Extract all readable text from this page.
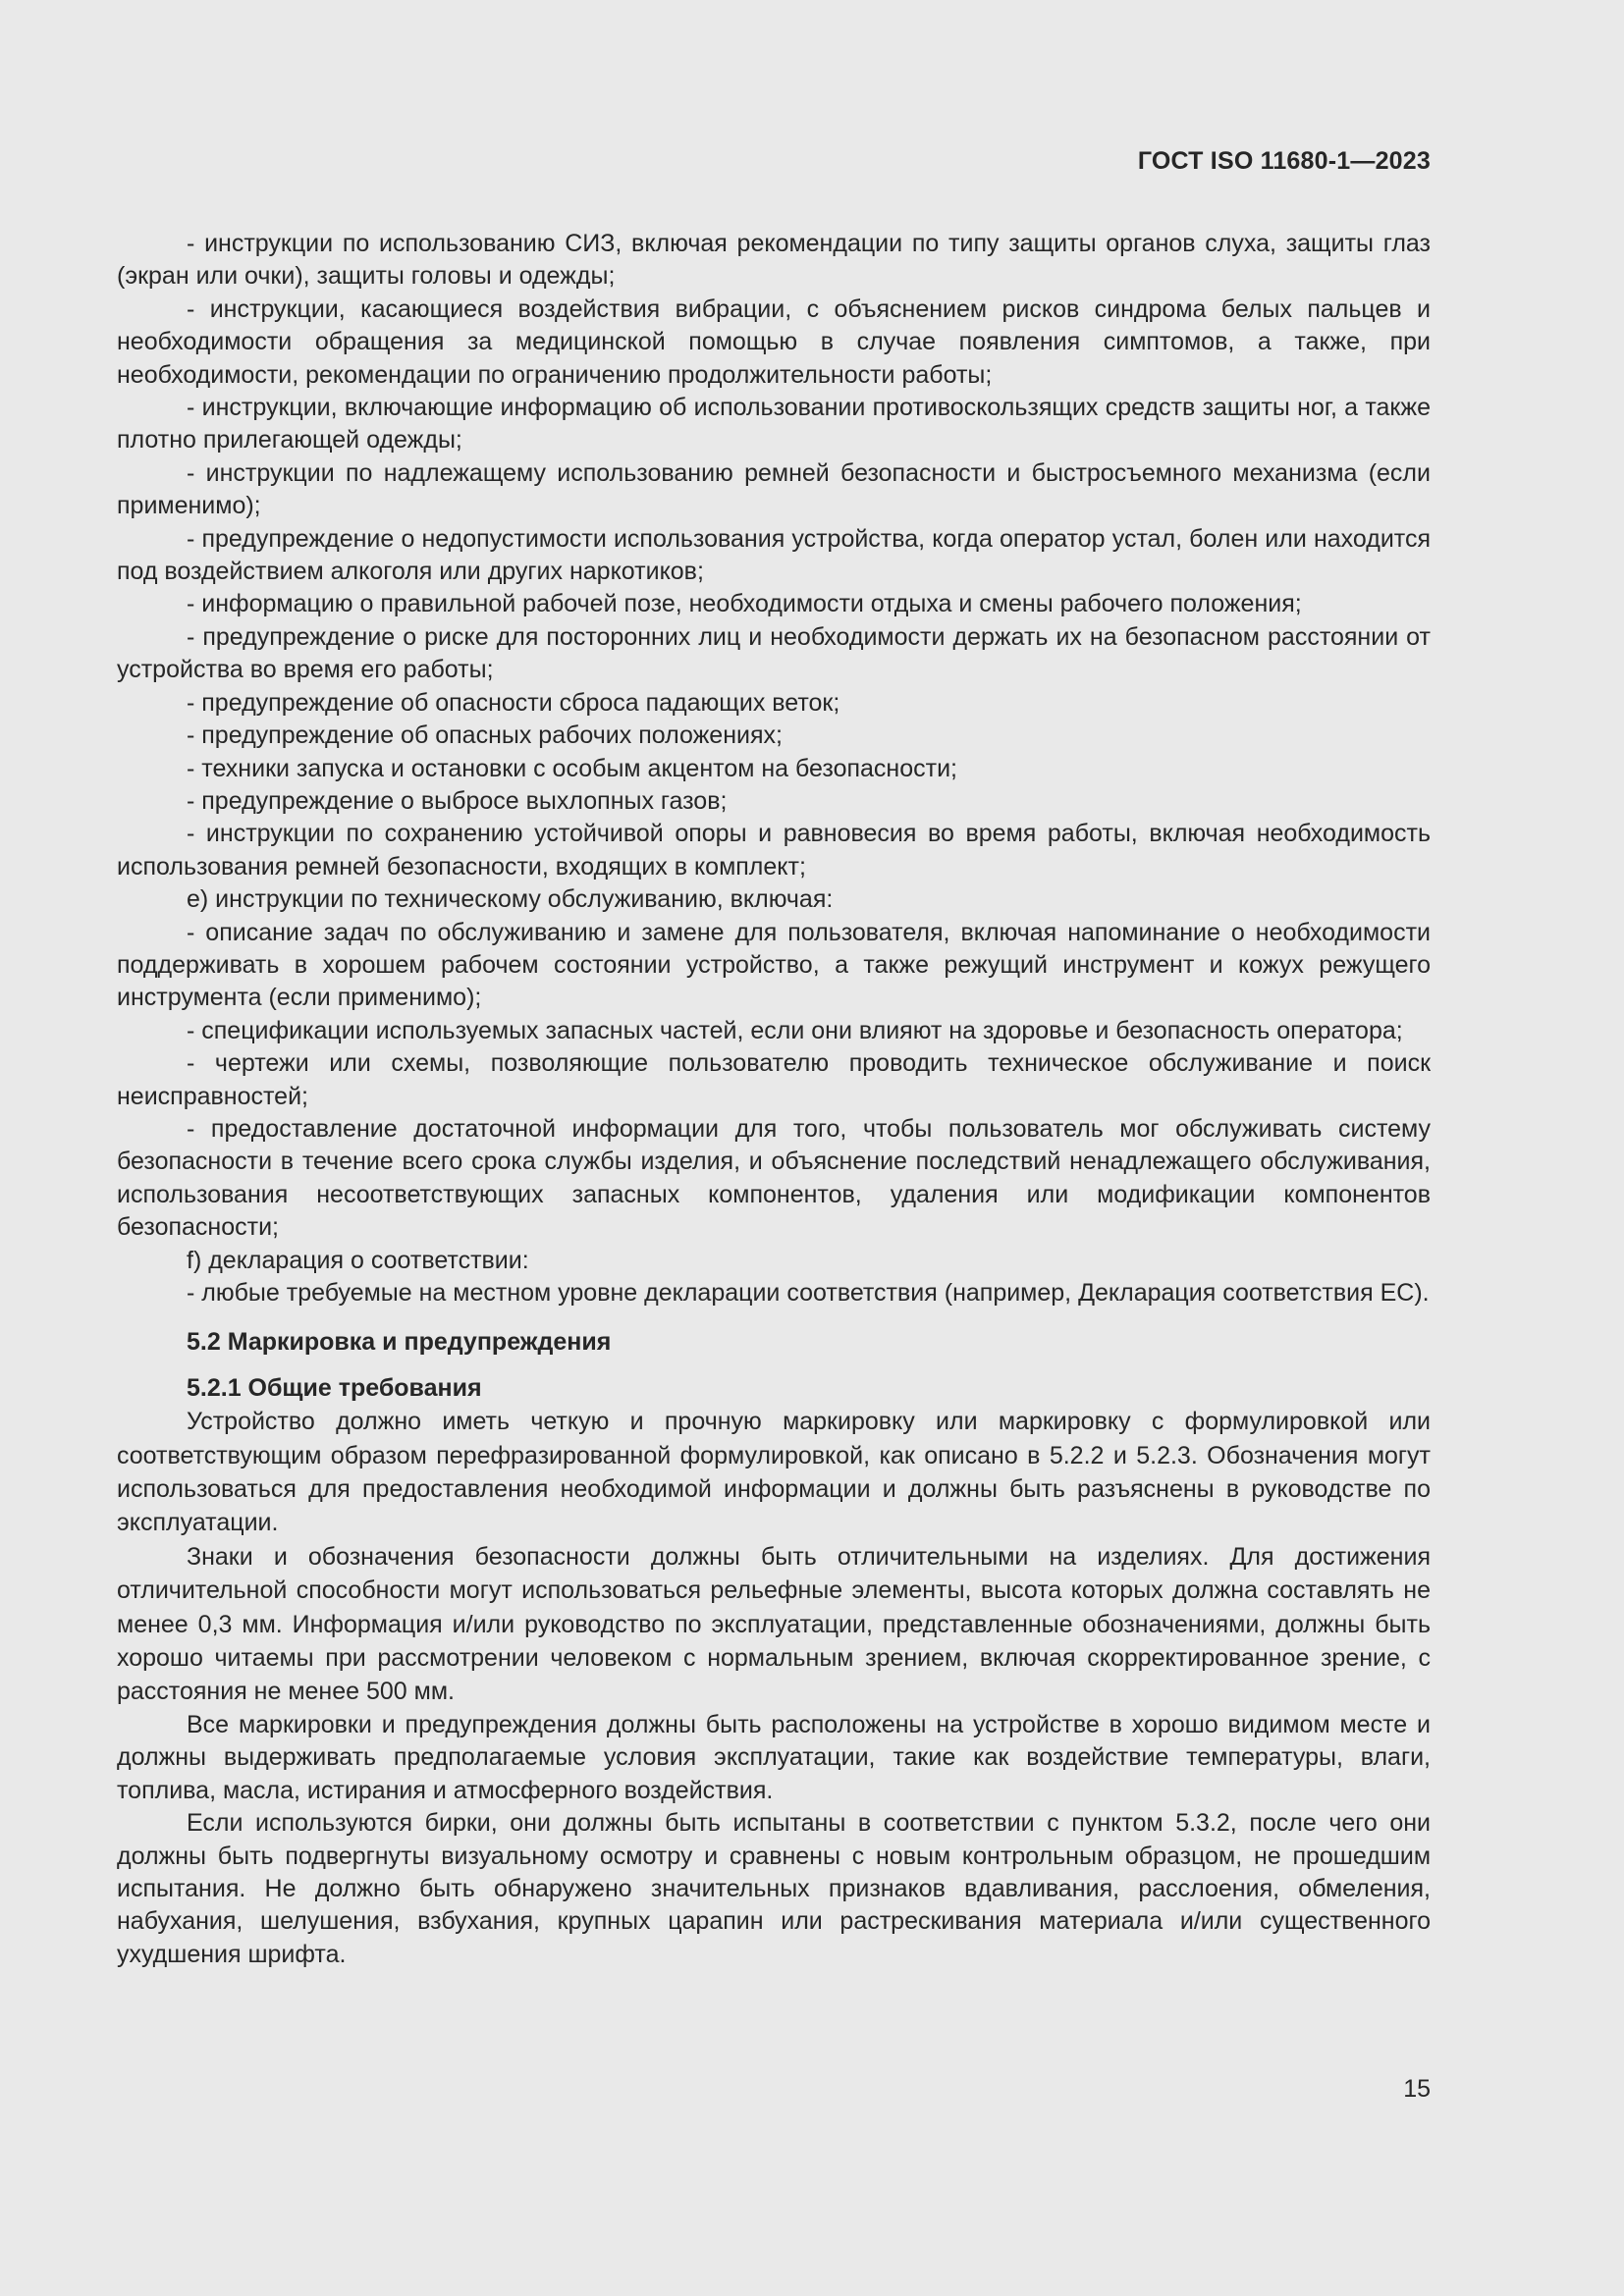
ГОСТ ISO 11680-1—2023

- инструкции по использованию СИЗ, включая рекомендации по типу защиты органов слуха, защиты глаз (экран или очки), защиты головы и одежды;

- инструкции, касающиеся воздействия вибрации, с объяснением рисков синдрома белых пальцев и необходимости обращения за медицинской помощью в случае появления симптомов, а также, при необходимости, рекомендации по ограничению продолжительности работы;

- инструкции, включающие информацию об использовании противоскользящих средств защиты ног, а также плотно прилегающей одежды;

- инструкции по надлежащему использованию ремней безопасности и быстросъемного механизма (если применимо);

- предупреждение о недопустимости использования устройства, когда оператор устал, болен или находится под воздействием алкоголя или других наркотиков;

- информацию о правильной рабочей позе, необходимости отдыха и смены рабочего положения;

- предупреждение о риске для посторонних лиц и необходимости держать их на безопасном расстоянии от устройства во время его работы;

- предупреждение об опасности сброса падающих веток;

- предупреждение об опасных рабочих положениях;

- техники запуска и остановки с особым акцентом на безопасности;

- предупреждение о выбросе выхлопных газов;

- инструкции по сохранению устойчивой опоры и равновесия во время работы, включая необходимость использования ремней безопасности, входящих в комплект;

e) инструкции по техническому обслуживанию, включая:

- описание задач по обслуживанию и замене для пользователя, включая напоминание о необходимости поддерживать в хорошем рабочем состоянии устройство, а также режущий инструмент и кожух режущего инструмента (если применимо);

- спецификации используемых запасных частей, если они влияют на здоровье и безопасность оператора;

- чертежи или схемы, позволяющие пользователю проводить техническое обслуживание и поиск неисправностей;

- предоставление достаточной информации для того, чтобы пользователь мог обслуживать систему безопасности в течение всего срока службы изделия, и объяснение последствий ненадлежащего обслуживания, использования несоответствующих запасных компонентов, удаления или модификации компонентов безопасности;

f) декларация о соответствии:

- любые требуемые на местном уровне декларации соответствия (например, Декларация соответствия ЕС).

5.2 Маркировка и предупреждения

5.2.1 Общие требования

Устройство должно иметь четкую и прочную маркировку или маркировку с формулировкой или соответствующим образом перефразированной формулировкой, как описано в 5.2.2 и 5.2.3. Обозначения могут использоваться для предоставления необходимой информации и должны быть разъяснены в руководстве по эксплуатации.

Знаки и обозначения безопасности должны быть отличительными на изделиях. Для достижения отличительной способности могут использоваться рельефные элементы, высота которых должна составлять не менее 0,3 мм. Информация и/или руководство по эксплуатации, представленные обозначениями, должны быть хорошо читаемы при рассмотрении человеком с нормальным зрением, включая скорректированное зрение, с расстояния не менее 500 мм.

Все маркировки и предупреждения должны быть расположены на устройстве в хорошо видимом месте и должны выдерживать предполагаемые условия эксплуатации, такие как воздействие температуры, влаги, топлива, масла, истирания и атмосферного воздействия.

Если используются бирки, они должны быть испытаны в соответствии с пунктом 5.3.2, после чего они должны быть подвергнуты визуальному осмотру и сравнены с новым контрольным образцом, не прошедшим испытания. Не должно быть обнаружено значительных признаков вдавливания, расслоения, обмеления, набухания, шелушения, взбухания, крупных царапин или растрескивания материала и/или существенного ухудшения шрифта.

15
